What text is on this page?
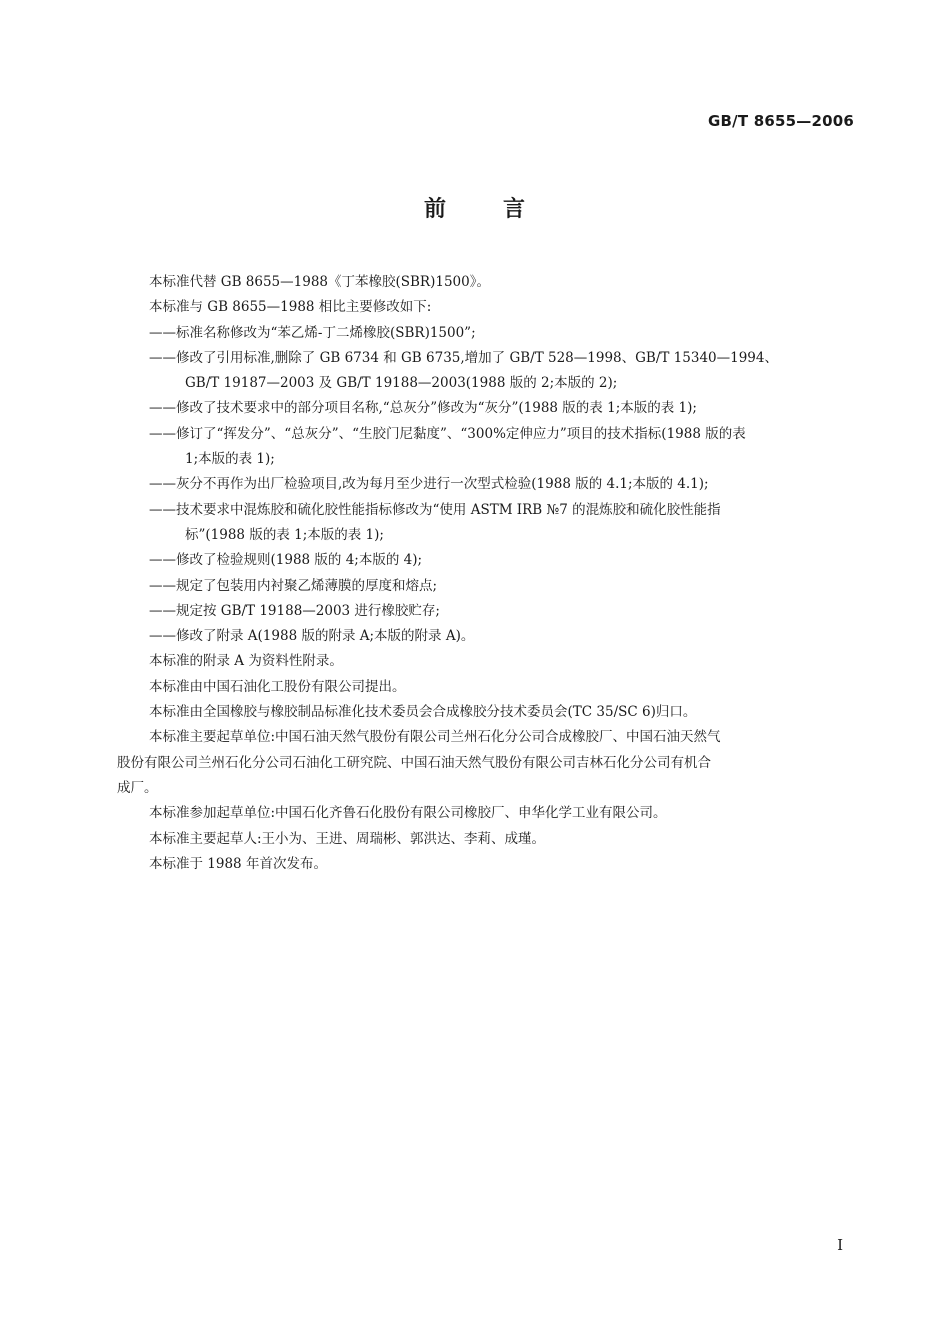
GB/T 8655—2006
前	言
本标准代替 GB 8655—1988《丁苯橡胶(SBR)1500》。
本标准与 GB 8655—1988 相比主要修改如下:
——标准名称修改为“苯乙烯-丁二烯橡胶(SBR)1500”;
——修改了引用标准,删除了 GB 6734 和 GB 6735,增加了 GB/T 528—1998、GB/T 15340—1994、
GB/T 19187—2003 及 GB/T 19188—2003(1988 版的 2;本版的 2);
——修改了技术要求中的部分项目名称,“总灰分”修改为“灰分”(1988 版的表 1;本版的表 1);
——修订了“挥发分”、“总灰分”、“生胶门尼黏度”、“300%定伸应力”项目的技术指标(1988 版的表
1;本版的表 1);
——灰分不再作为出厂检验项目,改为每月至少进行一次型式检验(1988 版的 4.1;本版的 4.1);
——技术要求中混炼胶和硫化胶性能指标修改为“使用 ASTM IRB №7 的混炼胶和硫化胶性能指
标”(1988 版的表 1;本版的表 1);
——修改了检验规则(1988 版的 4;本版的 4);
——规定了包装用内衬聚乙烯薄膜的厚度和熔点;
——规定按 GB/T 19188—2003 进行橡胶贮存;
——修改了附录 A(1988 版的附录 A;本版的附录 A)。
本标准的附录 A 为资料性附录。
本标准由中国石油化工股份有限公司提出。
本标准由全国橡胶与橡胶制品标准化技术委员会合成橡胶分技术委员会(TC 35/SC 6)归口。
本标准主要起草单位:中国石油天然气股份有限公司兰州石化分公司合成橡胶厂、中国石油天然气
股份有限公司兰州石化分公司石油化工研究院、中国石油天然气股份有限公司吉林石化分公司有机合
成厂。
本标准参加起草单位:中国石化齐鲁石化股份有限公司橡胶厂、申华化学工业有限公司。
本标准主要起草人:王小为、王进、周瑞彬、郭洪达、李莉、成瑾。
本标准于 1988 年首次发布。
I
